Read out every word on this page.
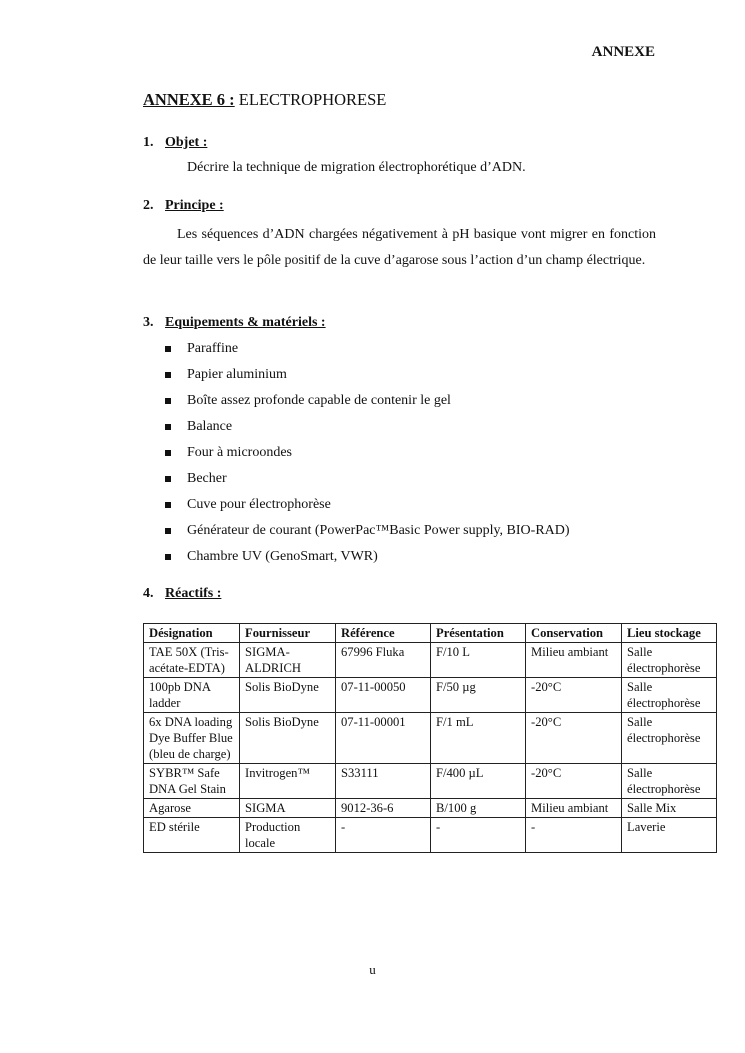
ANNEXE
ANNEXE 6 : ELECTROPHORESE
1. Objet :
Décrire la technique de migration électrophorétique d’ADN.
2. Principe :
Les séquences d’ADN chargées négativement à pH basique vont migrer en fonction de leur taille vers le pôle positif de la cuve d’agarose sous l’action d’un champ électrique.
3. Equipements & matériels :
Paraffine
Papier aluminium
Boîte assez profonde capable de contenir le gel
Balance
Four à microondes
Becher
Cuve pour électrophorèse
Générateur de courant (PowerPac™Basic Power supply, BIO-RAD)
Chambre UV (GenoSmart, VWR)
4. Réactifs :
Désignation	Fournisseur	Référence	Présentation	Conservation	Lieu stockage
TAE 50X (Tris-acétate-EDTA)	SIGMA-ALDRICH	67996 Fluka	F/10 L	Milieu ambiant	Salle électrophorèse
100pb DNA ladder	Solis BioDyne	07-11-00050	F/50 µg	-20°C	Salle électrophorèse
6x DNA loading Dye Buffer Blue (bleu de charge)	Solis BioDyne	07-11-00001	F/1 mL	-20°C	Salle électrophorèse
SYBR™ Safe DNA Gel Stain	Invitrogen™	S33111	F/400 µL	-20°C	Salle électrophorèse
Agarose	SIGMA	9012-36-6	B/100 g	Milieu ambiant	Salle Mix
ED stérile	Production locale	-	-	-	Laverie
u
